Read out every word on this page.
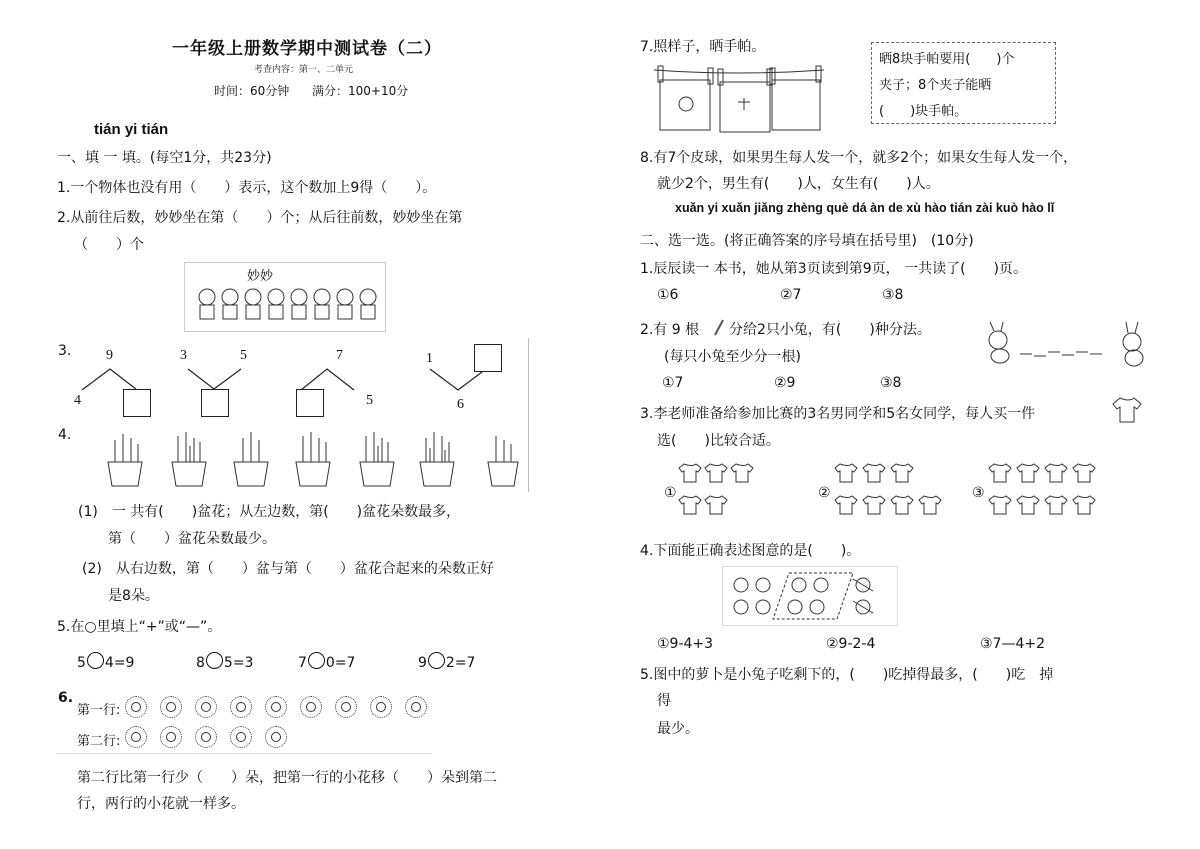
一年级上册数学期中测试卷（二）
考查内容：第一、二单元
时间：60分钟 满分：100+10分
tián yi tián
一、填 一 填。(每空1分，共23分)
1.一个物体也没有用（　　）表示，这个数加上9得（　　）。
2.从前往后数，妙妙坐在第（　　）个；从后往前数，妙妙坐在第
（　　）个
妙妙
3. 9
4
3	5	7
5
1
6
4.
(1)　一 共有(　　)盆花；从左边数，第(　　)盆花朵数最多，
第（　　）盆花朵数最少。
(2)　从右边数，第（　　）盆与第（　　）盆花合起来的朵数正好
是8朵。
5.在○里填上“+”或“—”。
5 4=9	8 5=3	7 0=7	9 2=7
6.
第一行:
第二行:
第二行比第一行少（　　）朵，把第一行的小花移（　　）朵到第二
行，两行的小花就一样多。
7.照样子，晒手帕。
晒8块手帕要用(　　)个
夹子；8个夹子能晒
(　　)块手帕。
8.有7个皮球，如果男生每人发一个，就多2个；如果女生每人发一个，
就少2个，男生有(　　)人，女生有(　　)人。
xuǎn yi xuǎn jiǎng zhèng què dá àn de xù hào tián zài kuò hào lǐ
二、选一选。(将正确答案的序号填在括号里)　(10分)
1.辰辰读一 本书，她从第3页读到第9页， 一共读了(　　)页。
①6	②7	③8
2.有 9 根 分给2只小兔，有(　　)种分法。
(每只小兔至少分一根)
①7	②9	③8
3.李老师准备给参加比赛的3名男同学和5名女同学，每人买一件
选(　　)比较合适。
①	②	③
4.下面能正确表述图意的是(　　)。
①9-4+3	②9-2-4	③7—4+2
5.图中的萝卜是小兔子吃剩下的，(　　)吃掉得最多，(　　)吃　掉
得
最少。
